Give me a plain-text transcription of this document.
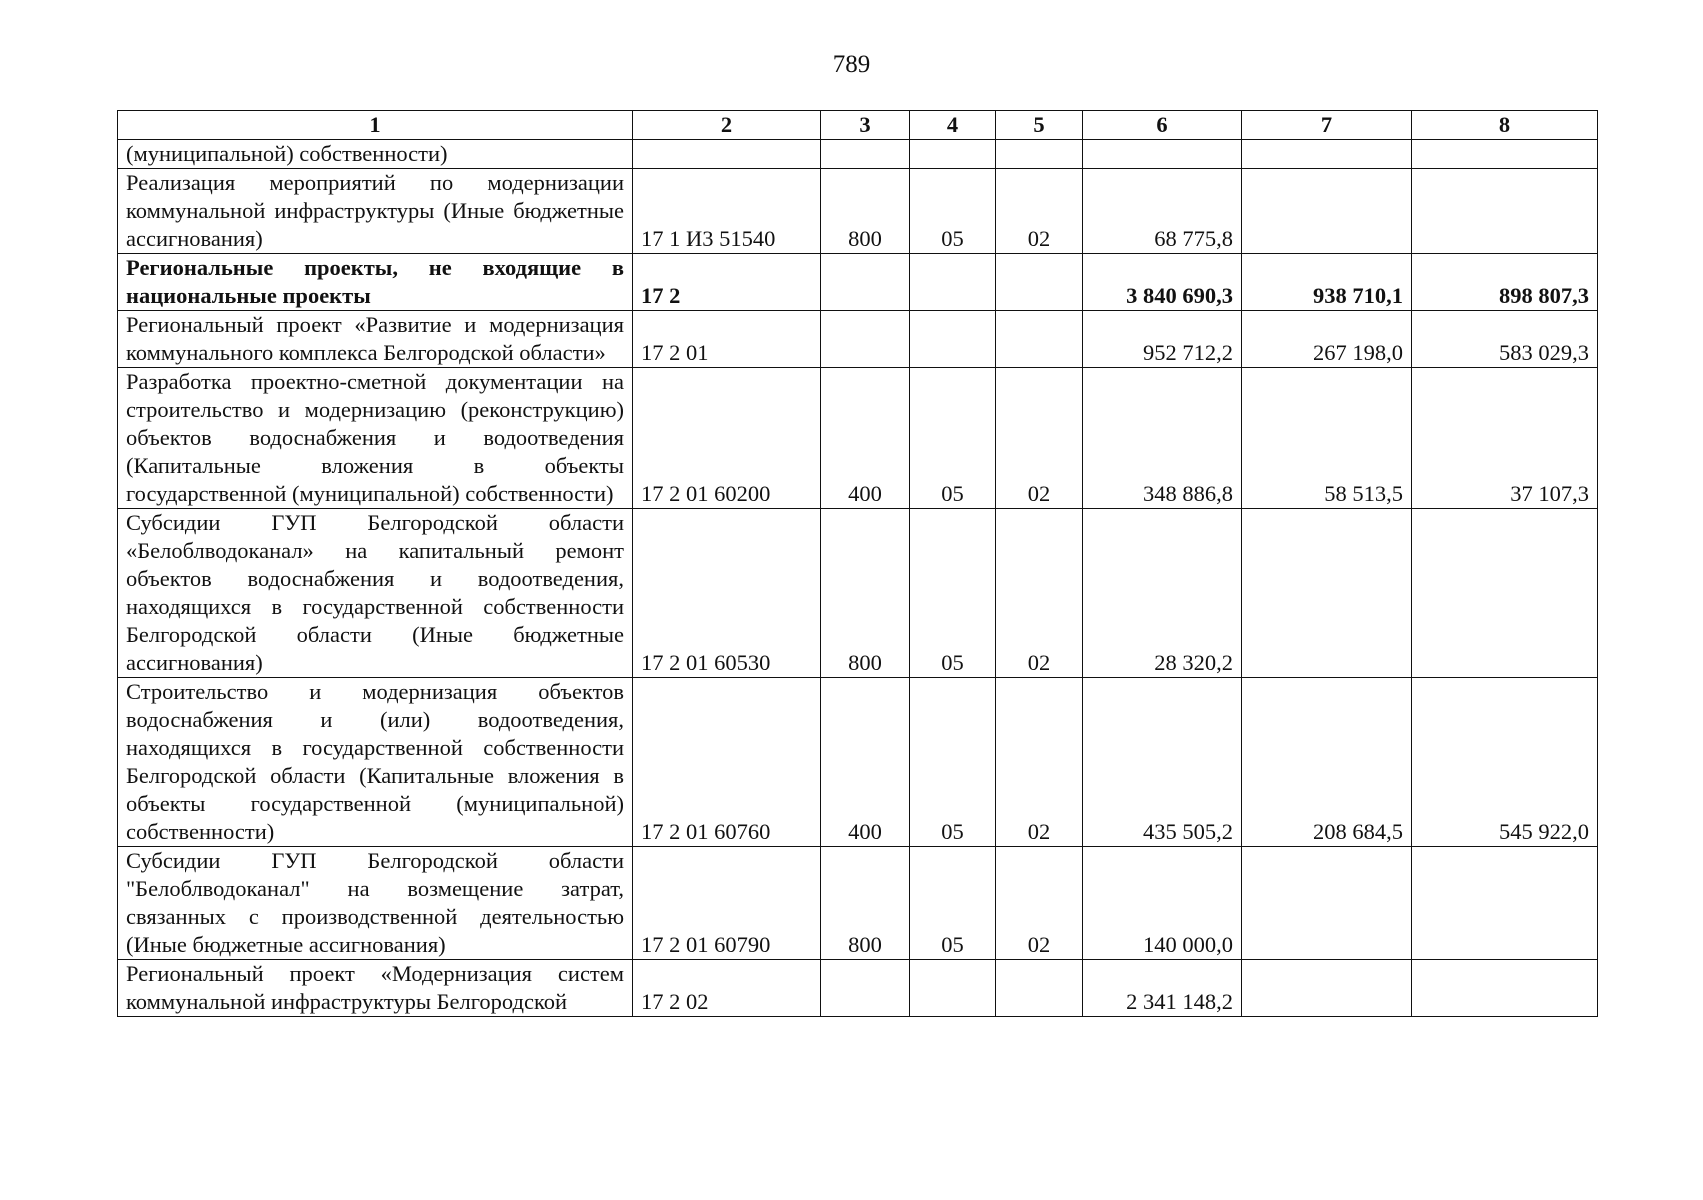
789
1	2	3	4	5	6	7	8
(муниципальной) собственности)							
Реализация мероприятий по модернизации коммунальной инфраструктуры (Иные бюджетные ассигнования)	17 1 И3 51540	800	05	02	68 775,8		
Региональные проекты, не входящие в национальные проекты	17 2				3 840 690,3	938 710,1	898 807,3
Региональный проект «Развитие и модернизация коммунального комплекса Белгородской области»	17 2 01				952 712,2	267 198,0	583 029,3
Разработка проектно-сметной документации на строительство и модернизацию (реконструкцию) объектов водоснабжения и водоотведения (Капитальные вложения в объекты государственной (муниципальной) собственности)	17 2 01 60200	400	05	02	348 886,8	58 513,5	37 107,3
Субсидии ГУП Белгородской области «Белоблводоканал» на капитальный ремонт объектов водоснабжения и водоотведения, находящихся в государственной собственности Белгородской области (Иные бюджетные ассигнования)	17 2 01 60530	800	05	02	28 320,2		
Строительство и модернизация объектов водоснабжения и (или) водоотведения, находящихся в государственной собственности Белгородской области (Капитальные вложения в объекты государственной (муниципальной) собственности)	17 2 01 60760	400	05	02	435 505,2	208 684,5	545 922,0
Субсидии ГУП Белгородской области "Белоблводоканал" на возмещение затрат, связанных с производственной деятельностью (Иные бюджетные ассигнования)	17 2 01 60790	800	05	02	140 000,0		
Региональный проект «Модернизация систем коммунальной инфраструктуры Белгородской	17 2 02				2 341 148,2		
